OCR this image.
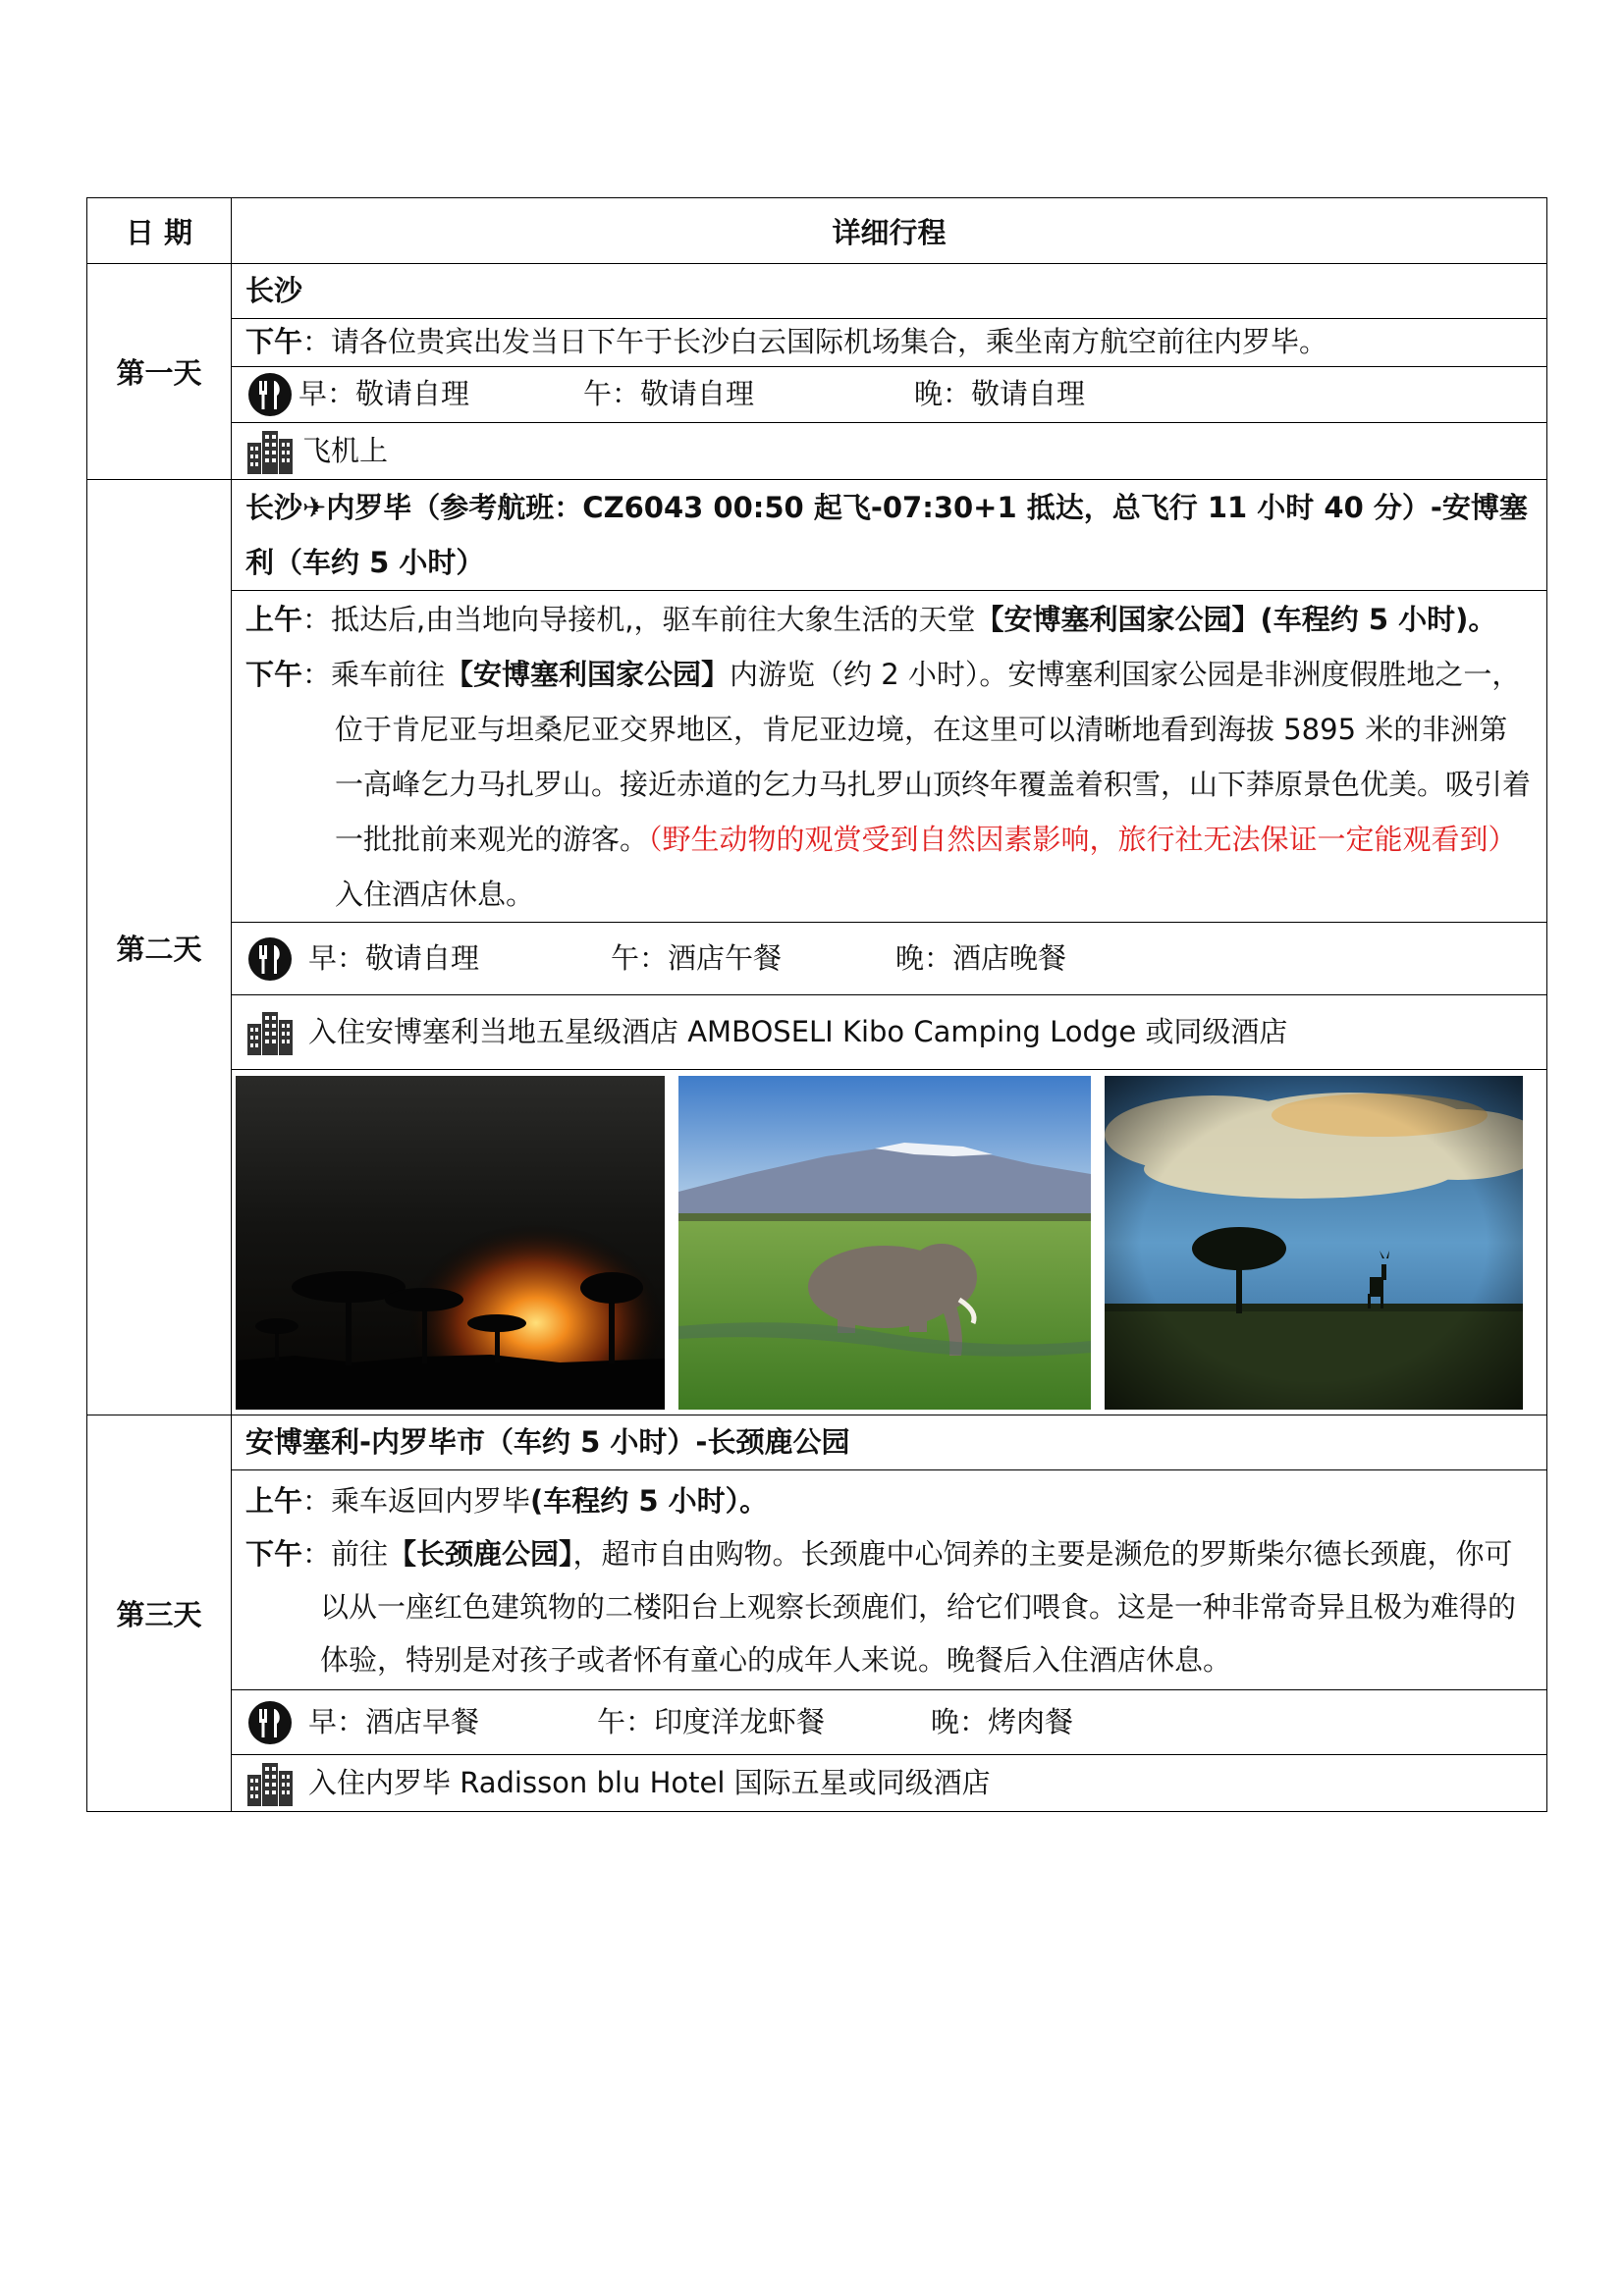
日 期	详细行程
第一天	长沙
	下午：请各位贵宾出发当日下午于长沙白云国际机场集合，乘坐南方航空前往内罗毕。

	早：敬请自理 午：敬请自理 晚：敬请自理

	飞机上

第二天	长沙✈内罗毕（参考航班：CZ6043 00:50 起飞-07:30+1 抵达，总飞行 11 小时 40 分）-安博塞利（车约 5 小时）

	上午：抵达后,由当地向导接机,，驱车前往大象生活的天堂【安博塞利国家公园】(车程约 5 小时)。

下午：乘车前往【安博塞利国家公园】内游览（约 2 小时）。安博塞利国家公园是非洲度假胜地之一，位于肯尼亚与坦桑尼亚交界地区，肯尼亚边境，在这里可以清晰地看到海拔 5895 米的非洲第一高峰乞力马扎罗山。接近赤道的乞力马扎罗山顶终年覆盖着积雪，山下莽原景色优美。吸引着一批批前来观光的游客。（野生动物的观赏受到自然因素影响，旅行社无法保证一定能观看到）入住酒店休息。

	早：敬请自理 午：酒店午餐 晚：酒店晚餐

	入住安博塞利当地五星级酒店 AMBOSELI Kibo Camping Lodge 或同级酒店

第三天	安博塞利-内罗毕市（车约 5 小时）-长颈鹿公园

	上午：乘车返回内罗毕(车程约 5 小时）。

下午：前往【长颈鹿公园】，超市自由购物。长颈鹿中心饲养的主要是濒危的罗斯柴尔德长颈鹿，你可以从一座红色建筑物的二楼阳台上观察长颈鹿们，给它们喂食。这是一种非常奇异且极为难得的体验，特别是对孩子或者怀有童心的成年人来说。晚餐后入住酒店休息。

	早：酒店早餐 午：印度洋龙虾餐 晚：烤肉餐

	入住内罗毕 Radisson blu Hotel 国际五星或同级酒店
